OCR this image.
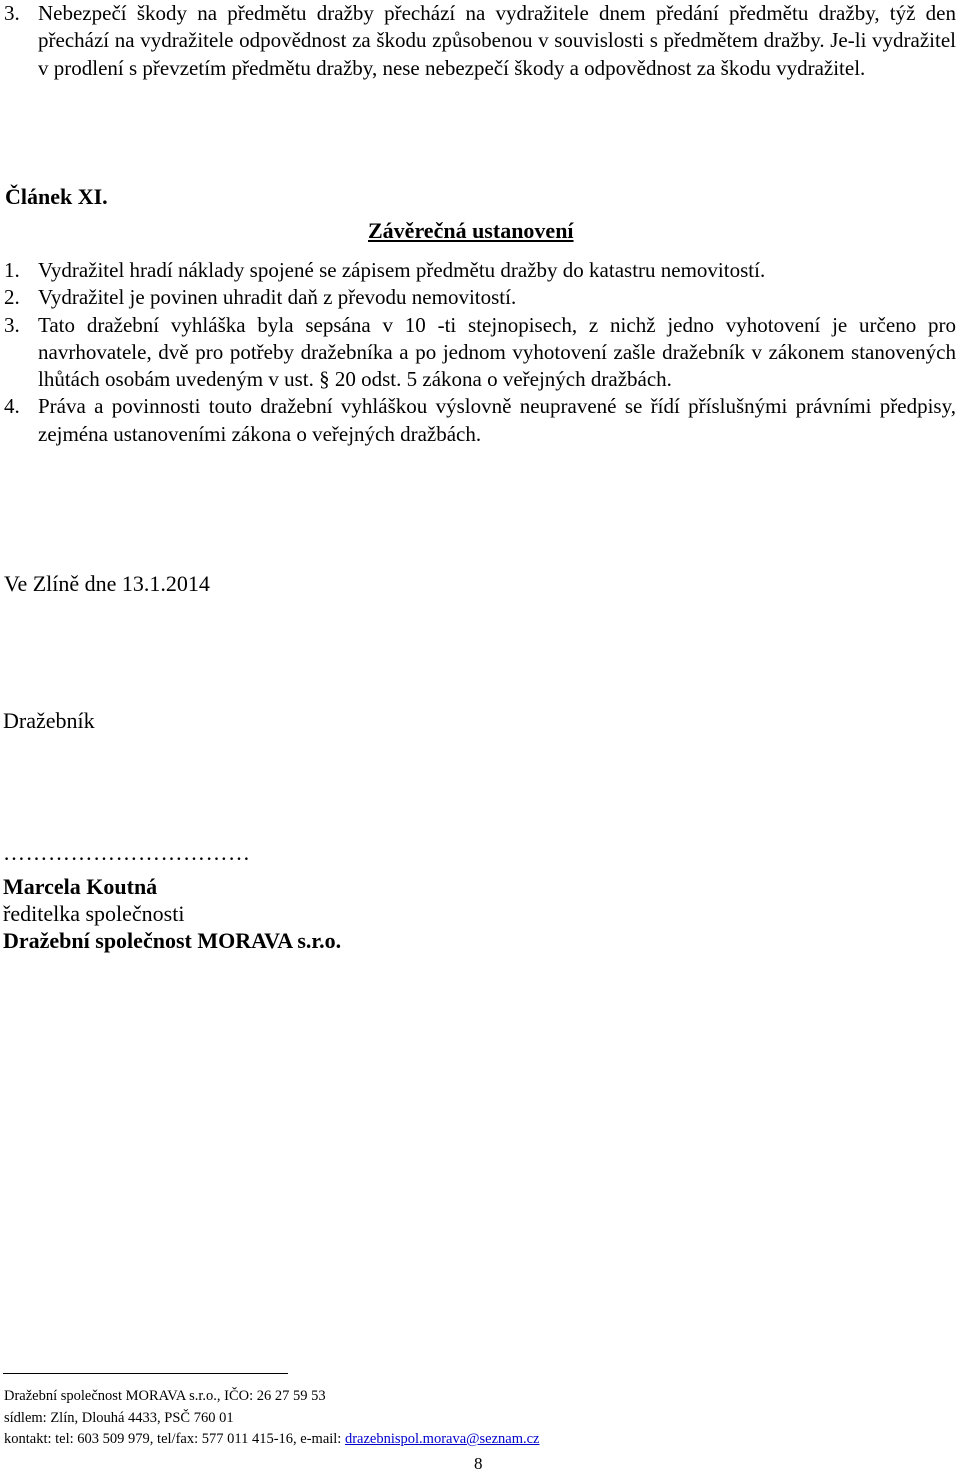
3. Nebezpečí škody na předmětu dražby přechází na vydražitele dnem předání předmětu dražby, týž den přechází na vydražitele odpovědnost za škodu způsobenou v souvislosti s předmětem dražby. Je-li vydražitel v prodlení s převzetím předmětu dražby, nese nebezpečí škody a odpovědnost za škodu vydražitel.
Článek XI.
Závěrečná ustanovení
1. Vydražitel hradí náklady spojené se zápisem předmětu dražby do katastru nemovitostí.
2. Vydražitel je povinen uhradit daň z převodu nemovitostí.
3. Tato dražební vyhláška byla sepsána v 10 -ti stejnopisech, z nichž jedno vyhotovení je určeno pro navrhovatele, dvě pro potřeby dražebníka a po jednom vyhotovení zašle dražebník v zákonem stanovených lhůtách osobám uvedeným v ust. § 20 odst. 5 zákona o veřejných dražbách.
4. Práva a povinnosti touto dražební vyhláškou výslovně neupravené se řídí příslušnými právními předpisy, zejména ustanoveními zákona o veřejných dražbách.
Ve Zlíně dne 13.1.2014
Dražebník
……………………………
Marcela Koutná
ředitelka společnosti
Dražební společnost MORAVA s.r.o.
Dražební společnost MORAVA s.r.o., IČO: 26 27 59 53
sídlem: Zlín, Dlouhá 4433, PSČ 760 01
kontakt: tel: 603 509 979, tel/fax: 577 011 415-16, e-mail: drazebnispol.morava@seznam.cz
8
